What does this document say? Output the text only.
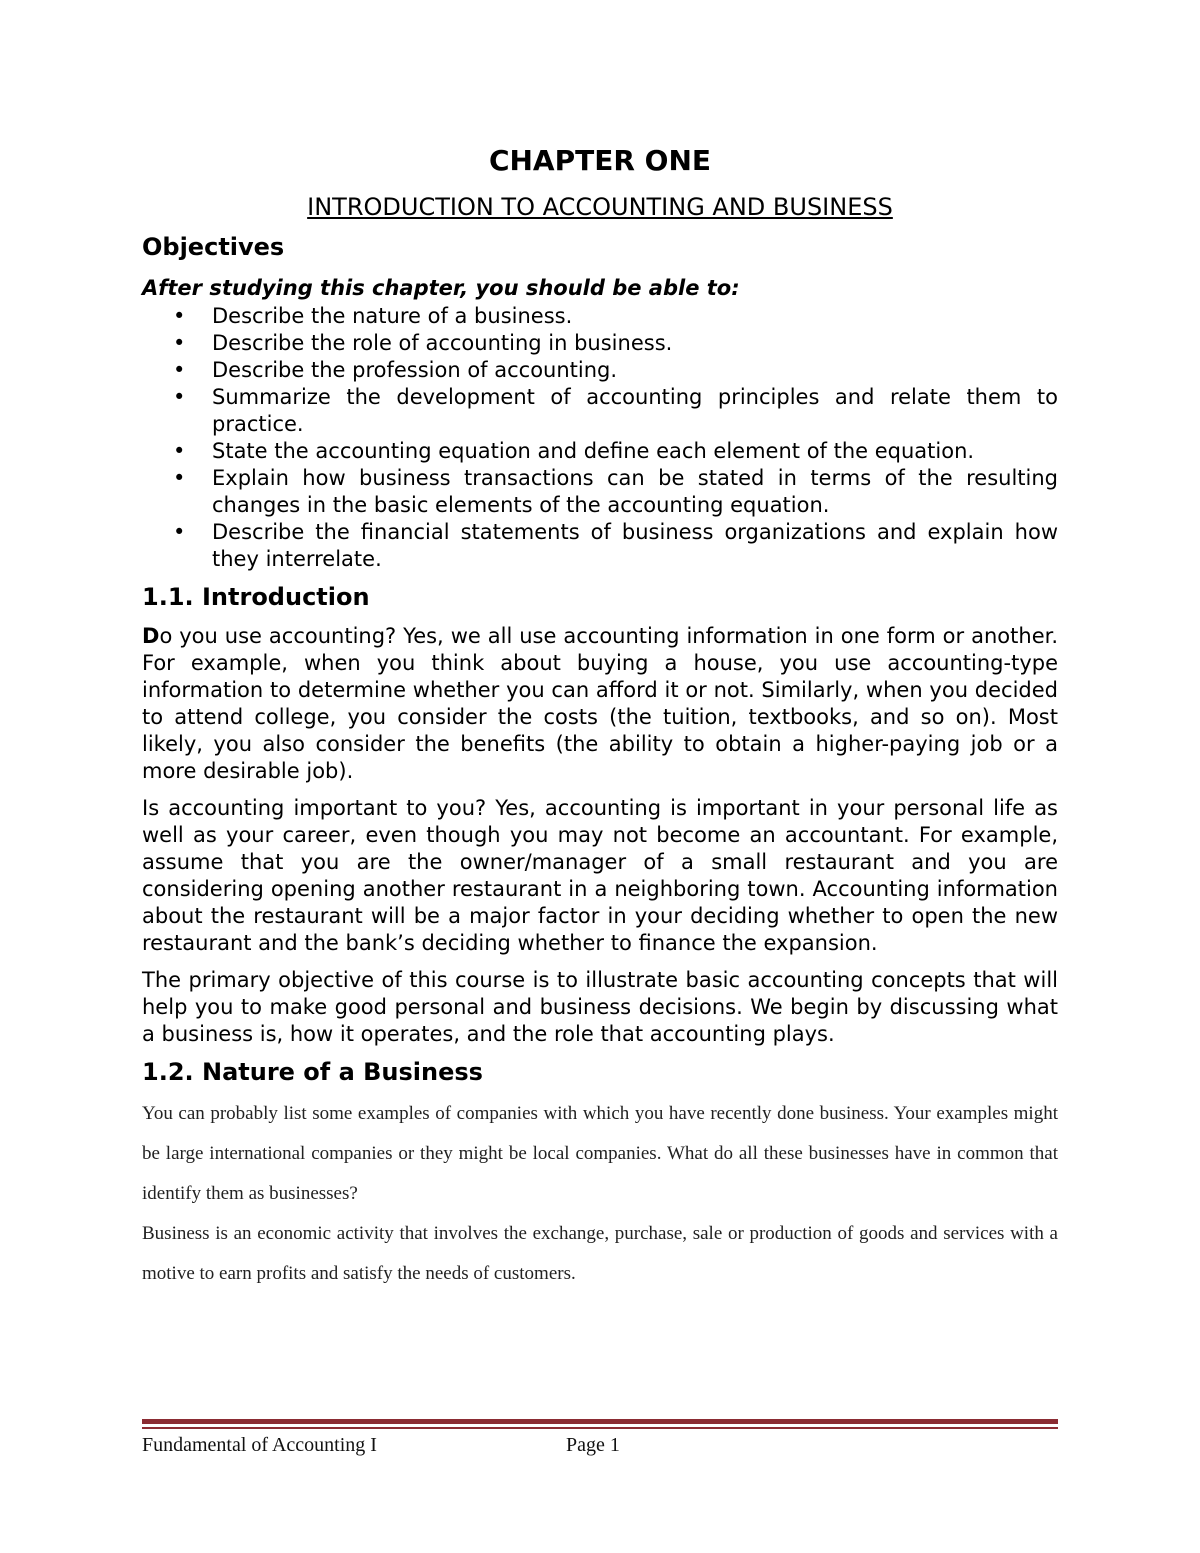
CHAPTER ONE
INTRODUCTION TO ACCOUNTING AND BUSINESS
Objectives
After studying this chapter, you should be able to:
• Describe the nature of a business.
• Describe the role of accounting in business.
• Describe the profession of accounting.
• Summarize the development of accounting principles and relate them to practice.
• State the accounting equation and define each element of the equation.
• Explain how business transactions can be stated in terms of the resulting changes in the basic elements of the accounting equation.
• Describe the financial statements of business organizations and explain how they interrelate.
1.1. Introduction

Do you use accounting? Yes, we all use accounting information in one form or another. For example, when you think about buying a house, you use accounting-type information to determine whether you can afford it or not. Similarly, when you decided to attend college, you consider the costs (the tuition, textbooks, and so on). Most likely, you also consider the benefits (the ability to obtain a higher-paying job or a more desirable job).

Is accounting important to you? Yes, accounting is important in your personal life as well as your career, even though you may not become an accountant. For example, assume that you are the owner/manager of a small restaurant and you are considering opening another restaurant in a neighboring town. Accounting information about the restaurant will be a major factor in your deciding whether to open the new restaurant and the bank’s deciding whether to finance the expansion.

The primary objective of this course is to illustrate basic accounting concepts that will help you to make good personal and business decisions. We begin by discussing what a business is, how it operates, and the role that accounting plays.

1.2. Nature of a Business

You can probably list some examples of companies with which you have recently done business. Your examples might be large international companies or they might be local companies. What do all these businesses have in common that identify them as businesses?

Business is an economic activity that involves the exchange, purchase, sale or production of goods and services with a motive to earn profits and satisfy the needs of customers.

Fundamental of Accounting I	Page 1
